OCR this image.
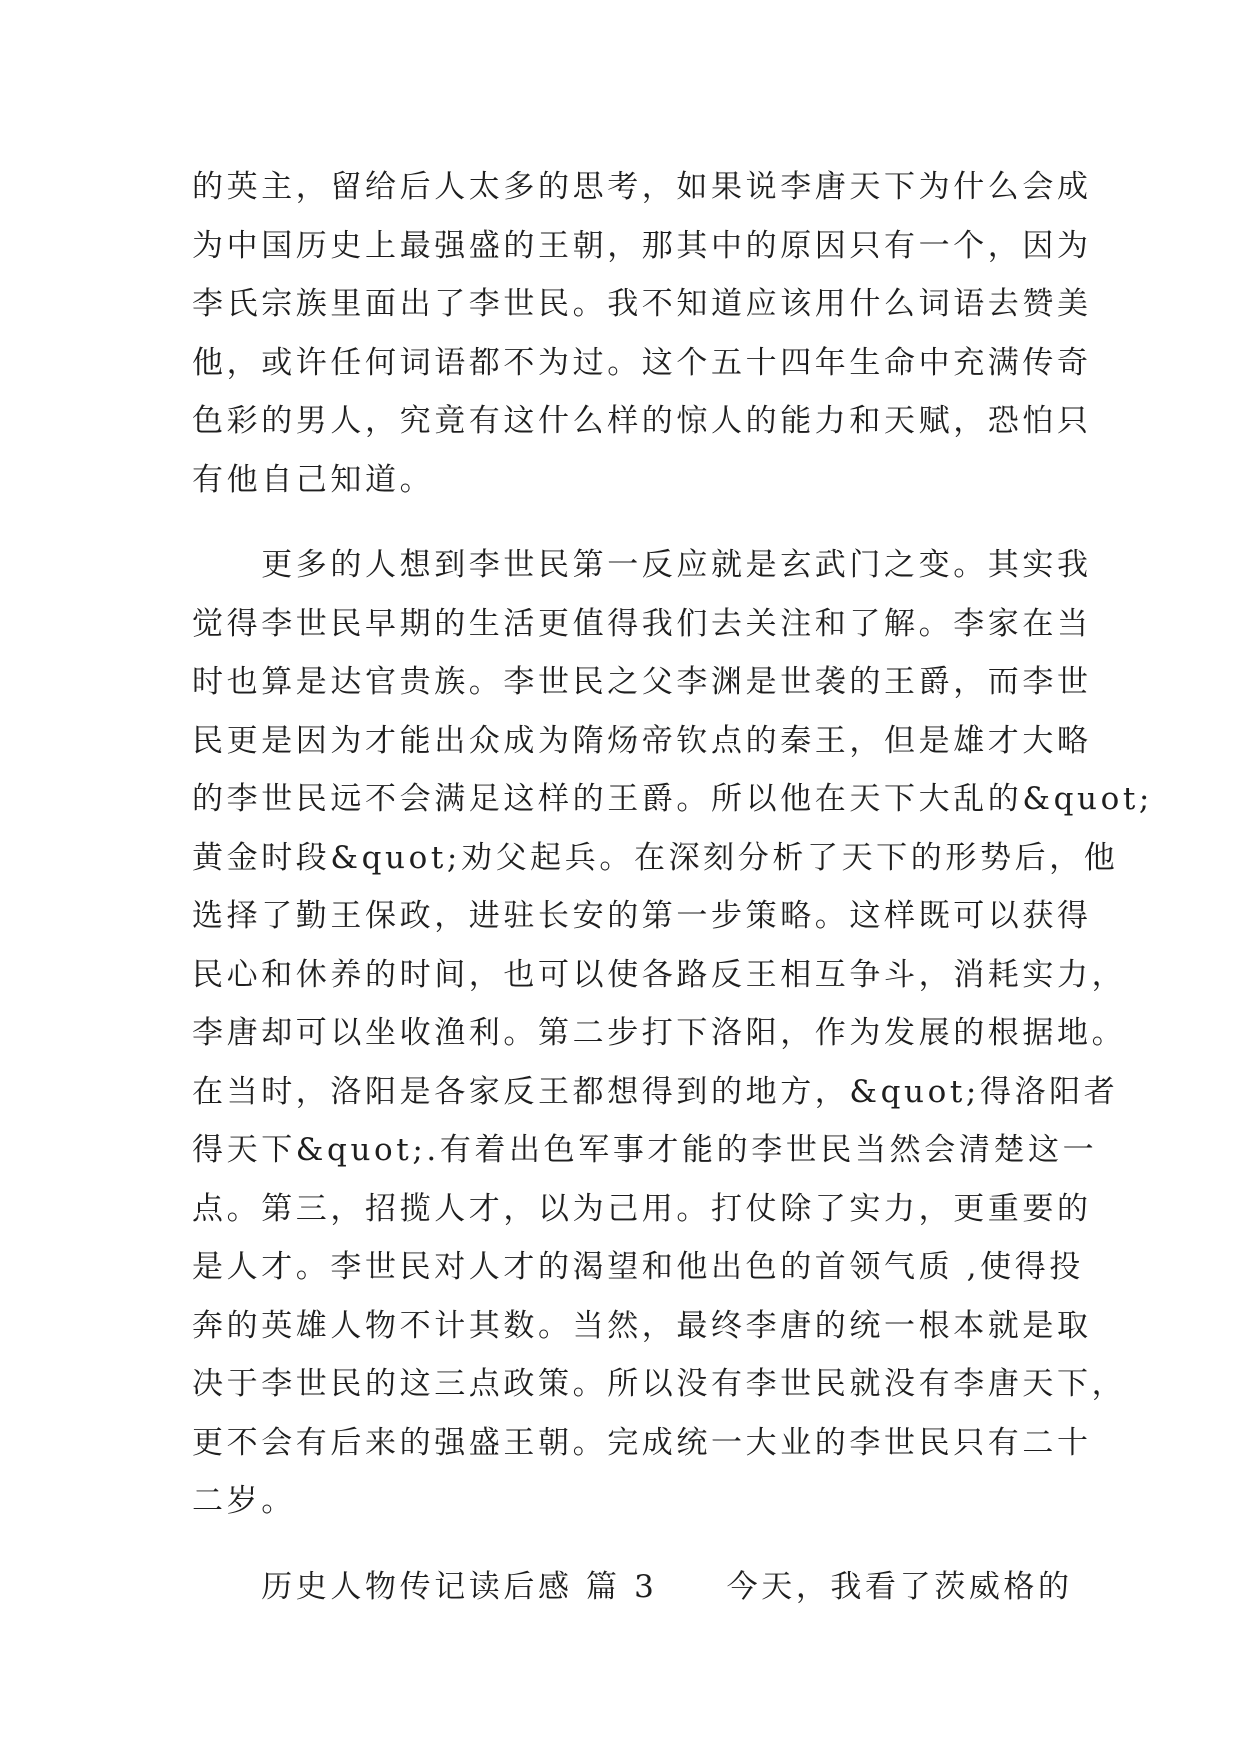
的英主，留给后人太多的思考，如果说李唐天下为什么会成
为中国历史上最强盛的王朝，那其中的原因只有一个，因为
李氏宗族里面出了李世民。我不知道应该用什么词语去赞美
他，或许任何词语都不为过。这个五十四年生命中充满传奇
色彩的男人，究竟有这什么样的惊人的能力和天赋，恐怕只
有他自己知道。
　　更多的人想到李世民第一反应就是玄武门之变。其实我
觉得李世民早期的生活更值得我们去关注和了解。李家在当
时也算是达官贵族。李世民之父李渊是世袭的王爵，而李世
民更是因为才能出众成为隋炀帝钦点的秦王，但是雄才大略
的李世民远不会满足这样的王爵。所以他在天下大乱的&quot;
黄金时段&quot;劝父起兵。在深刻分析了天下的形势后，他
选择了勤王保政，进驻长安的第一步策略。这样既可以获得
民心和休养的时间，也可以使各路反王相互争斗，消耗实力，
李唐却可以坐收渔利。第二步打下洛阳，作为发展的根据地。
在当时，洛阳是各家反王都想得到的地方，&quot;得洛阳者
得天下&quot;.有着出色军事才能的李世民当然会清楚这一
点。第三，招揽人才，以为己用。打仗除了实力，更重要的
是人才。李世民对人才的渴望和他出色的首领气质 ,使得投
奔的英雄人物不计其数。当然，最终李唐的统一根本就是取
决于李世民的这三点政策。所以没有李世民就没有李唐天下，
更不会有后来的强盛王朝。完成统一大业的李世民只有二十
二岁。
　　历史人物传记读后感 篇 3　　今天，我看了茨威格的
